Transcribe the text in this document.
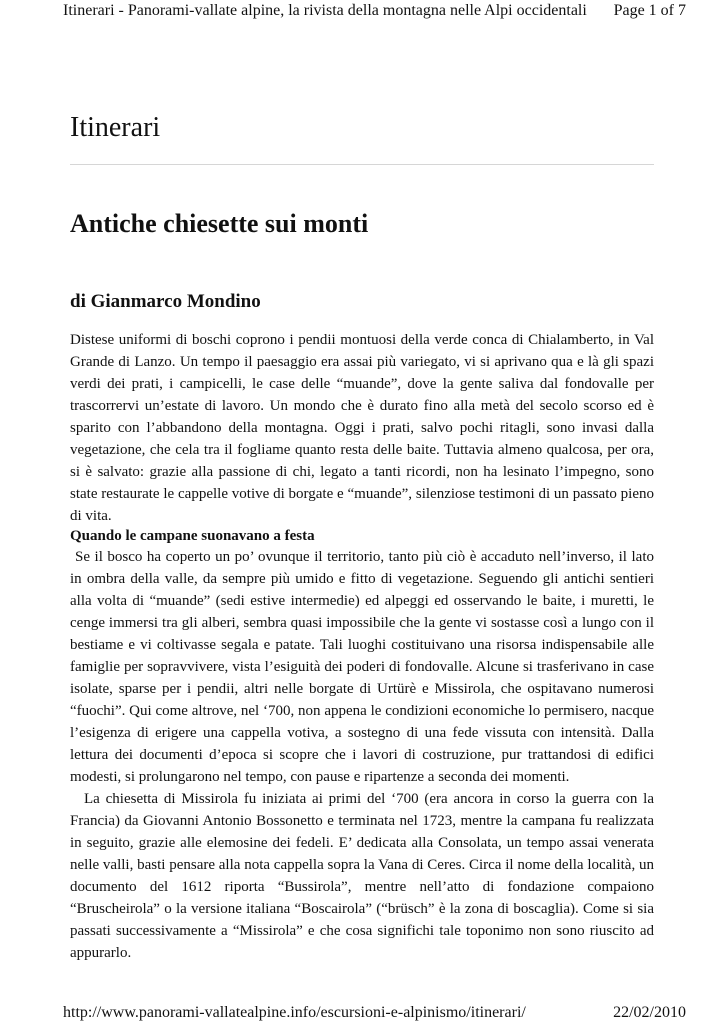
Itinerari - Panorami-vallate alpine, la rivista della montagna nelle Alpi occidentali Page 1 of 7
Itinerari
Antiche chiesette sui monti
di Gianmarco Mondino

Distese uniformi di boschi coprono i pendii montuosi della verde conca di Chialamberto, in Val Grande di Lanzo. Un tempo il paesaggio era assai più variegato, vi si aprivano qua e là gli spazi verdi dei prati, i campicelli, le case delle “muande”, dove la gente saliva dal fondovalle per trascorrervi un’estate di lavoro. Un mondo che è durato fino alla metà del secolo scorso ed è sparito con l’abbandono della montagna. Oggi i prati, salvo pochi ritagli, sono invasi dalla vegetazione, che cela tra il fogliame quanto resta delle baite. Tuttavia almeno qualcosa, per ora, si è salvato: grazie alla passione di chi, legato a tanti ricordi, non ha lesinato l’impegno, sono state restaurate le cappelle votive di borgate e “muande”, silenziose testimoni di un passato pieno di vita.

Quando le campane suonavano a festa

Se il bosco ha coperto un po’ ovunque il territorio, tanto più ciò è accaduto nell’inverso, il lato in ombra della valle, da sempre più umido e fitto di vegetazione. Seguendo gli antichi sentieri alla volta di “muande” (sedi estive intermedie) ed alpeggi ed osservando le baite, i muretti, le cenge immersi tra gli alberi, sembra quasi impossibile che la gente vi sostasse così a lungo con il bestiame e vi coltivasse segala e patate. Tali luoghi costituivano una risorsa indispensabile alle famiglie per sopravvivere, vista l’esiguità dei poderi di fondovalle. Alcune si trasferivano in case isolate, sparse per i pendii, altri nelle borgate di Urtürè e Missirola, che ospitavano numerosi “fuochi”. Qui come altrove, nel ‘700, non appena le condizioni economiche lo permisero, nacque l’esigenza di erigere una cappella votiva, a sostegno di una fede vissuta con intensità. Dalla lettura dei documenti d’epoca si scopre che i lavori di costruzione, pur trattandosi di edifici modesti, si prolungarono nel tempo, con pause e ripartenze a seconda dei momenti.

La chiesetta di Missirola fu iniziata ai primi del ‘700 (era ancora in corso la guerra con la Francia) da Giovanni Antonio Bossonetto e terminata nel 1723, mentre la campana fu realizzata in seguito, grazie alle elemosine dei fedeli. E’ dedicata alla Consolata, un tempo assai venerata nelle valli, basti pensare alla nota cappella sopra la Vana di Ceres. Circa il nome della località, un documento del 1612 riporta “Bussirola”, mentre nell’atto di fondazione compaiono “Bruscheirola” o la versione italiana “Boscairola” (“brüsch” è la zona di boscaglia). Come si sia passati successivamente a “Missirola” e che cosa significhi tale toponimo non sono riuscito ad appurarlo.

http://www.panorami-vallatealpine.info/escursioni-e-alpinismo/itinerari/	22/02/2010
